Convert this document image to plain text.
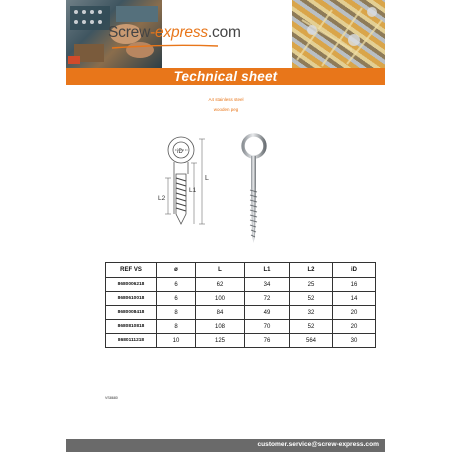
Screw-express.com
Technical sheet
A4 stainless steel
wooden peg
iD
L
L1
L2
REF VS	ø	L	L1	L2	iD
8680006218	6	62	34	25	16
8680610018	6	100	72	52	14
8680008418	8	84	49	32	20
8680810818	8	108	70	52	20
8680111218	10	125	76	564	30
VS8680
customer.service@screw-express.com
